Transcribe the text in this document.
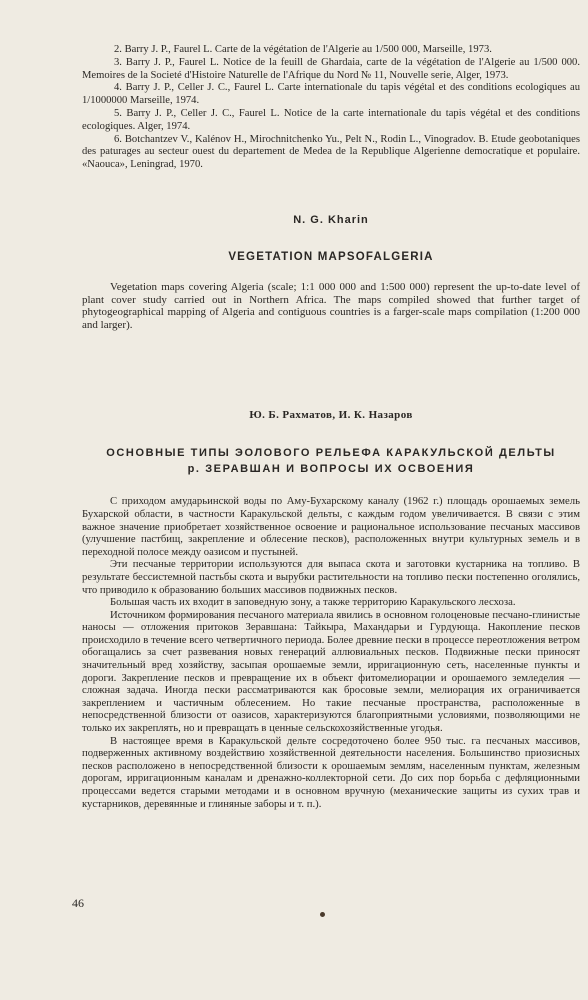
2. Barry J. P., Faurel L. Carte de la végétation de l'Algerie au 1/500 000, Marseille, 1973.

3. Barry J. P., Faurel L. Notice de la feuill de Ghardaia, carte de la végétation de l'Algerie au 1/500 000. Memoires de la Societé d'Histoire Naturelle de l'Afrique du Nord № 11, Nouvelle serie, Alger, 1973.

4. Barry J. P., Celler J. C., Faurel L. Carte internationale du tapis végétal et des conditions ecologiques au 1/1000000 Marseille, 1974.

5. Barry J. P., Celler J. C., Faurel L. Notice de la carte internationale du tapis végétal et des conditions ecologiques. Alger, 1974.

6. Botchantzev V., Kalénov H., Mirochnitchenko Yu., Pelt N., Rodin L., Vinogradov. B. Etude geobotaniques des paturages au secteur ouest du departement de Medea de la Republique Algerienne democratique et populaire. «Naouca», Leningrad, 1970.

N. G. Kharin
VEGETATION MAPSOFALGERIA

Vegetation maps covering Algeria (scale; 1:1 000 000 and 1:500 000) represent the up-to-date level of plant cover study carried out in Northern Africa. The maps compiled showed that further target of phytogeographical mapping of Algeria and contiguous countries is a farger-scale maps compilation (1:200 000 and larger).

Ю. Б. Рахматов, И. К. Назаров
ОСНОВНЫЕ ТИПЫ ЭОЛОВОГО РЕЛЬЕФА КАРАКУЛЬСКОЙ ДЕЛЬТЫ
р. ЗЕРАВШАН И ВОПРОСЫ ИХ ОСВОЕНИЯ

С приходом амударьинской воды по Аму-Бухарскому каналу (1962 г.) площадь орошаемых земель Бухарской области, в частности Каракульской дельты, с каждым годом увеличивается. В связи с этим важное значение приобретает хозяйственное освоение и рациональное использование песчаных массивов (улучшение пастбищ, закрепление и облесение песков), расположенных внутри культурных земель и в переходной полосе между оазисом и пустыней.

Эти песчаные территории используются для выпаса скота и заготовки кустарника на топливо. В результате бессистемной пастьбы скота и вырубки растительности на топливо пески постепенно оголялись, что приводило к образованию больших массивов подвижных песков.

Большая часть их входит в заповедную зону, а также территорию Каракульского лесхоза.

Источником формирования песчаного материала явились в основном голоценовые песчано-глинистые наносы — отложения притоков Зеравшана: Тайкыра, Махандарьи и Гурдующа. Накопление песков происходило в течение всего четвертичного периода. Более древние пески в процессе переотложения ветром обогащались за счет развевания новых генераций аллювиальных песков. Подвижные пески приносят значительный вред хозяйству, засыпая орошаемые земли, ирригационную сеть, населенные пункты и дороги. Закрепление песков и превращение их в объект фитомелиорации и орошаемого земледелия — сложная задача. Иногда пески рассматриваются как бросовые земли, мелиорация их ограничивается закреплением и частичным облесением. Но такие песчаные пространства, расположенные в непосредственной близости от оазисов, характеризуются благоприятными условиями, позволяющими не только их закреплять, но и превращать в ценные сельскохозяйственные угодья.

В настоящее время в Каракульской дельте сосредоточено более 950 тыс. га песчаных массивов, подверженных активному воздействию хозяйственной деятельности населения. Большинство приозисных песков расположено в непосредственной близости к орошаемым землям, населенным пунктам, железным дорогам, ирригационным каналам и дренажно-коллекторной сети. До сих пор борьба с дефляционными процессами ведется старыми методами и в основном вручную (механические защиты из сухих трав и кустарников, деревянные и глиняные заборы и т. п.).

46
